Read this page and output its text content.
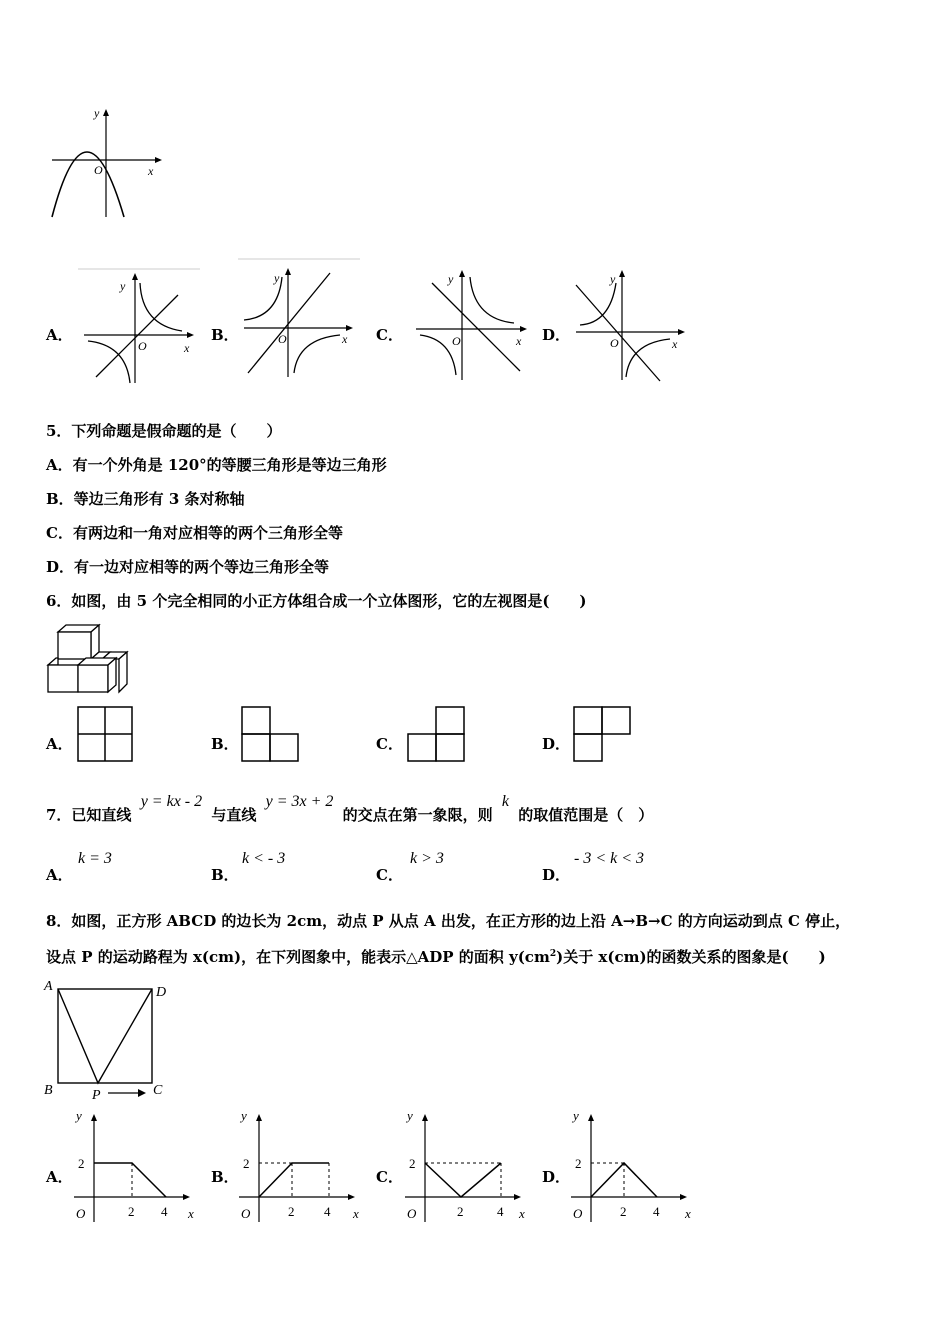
y
x
O
A．
y
x
O
B．
y
x
O	C．
y
x
O	D．
y
x
O
5．下列命题是假命题的是（　　）
A．有一个外角是 120°的等腰三角形是等边三角形
B．等边三角形有 3 条对称轴
C．有两边和一角对应相等的两个三角形全等
D．有一边对应相等的两个等边三角形全等
6．如图，由 5 个完全相同的小正方体组合成一个立体图形，它的左视图是(　　)
A．	B．	C．	D．
7．已知直线 y = kx - 2 与直线 y = 3x + 2 的交点在第一象限，则 k 的取值范围是（　）
A．
k = 3
B．
k < - 3
C．
k > 3
D．
- 3 < k < 3
8．如图，正方形 ABCD 的边长为 2cm，动点 P 从点 A 出发，在正方形的边上沿 A→B→C 的方向运动到点 C 停止，
设点 P 的运动路程为 x(cm)，在下列图象中，能表示△ADP 的面积 $y(cm^2)$关于 x(cm)的函数关系的图象是(　　)
A	D
B	C
P
A．
y
2
O	2 4 x
B．
y
2
O	2 4 x
C．
y
2
O	2	4 x
D．
y
2
O	2 4 x
